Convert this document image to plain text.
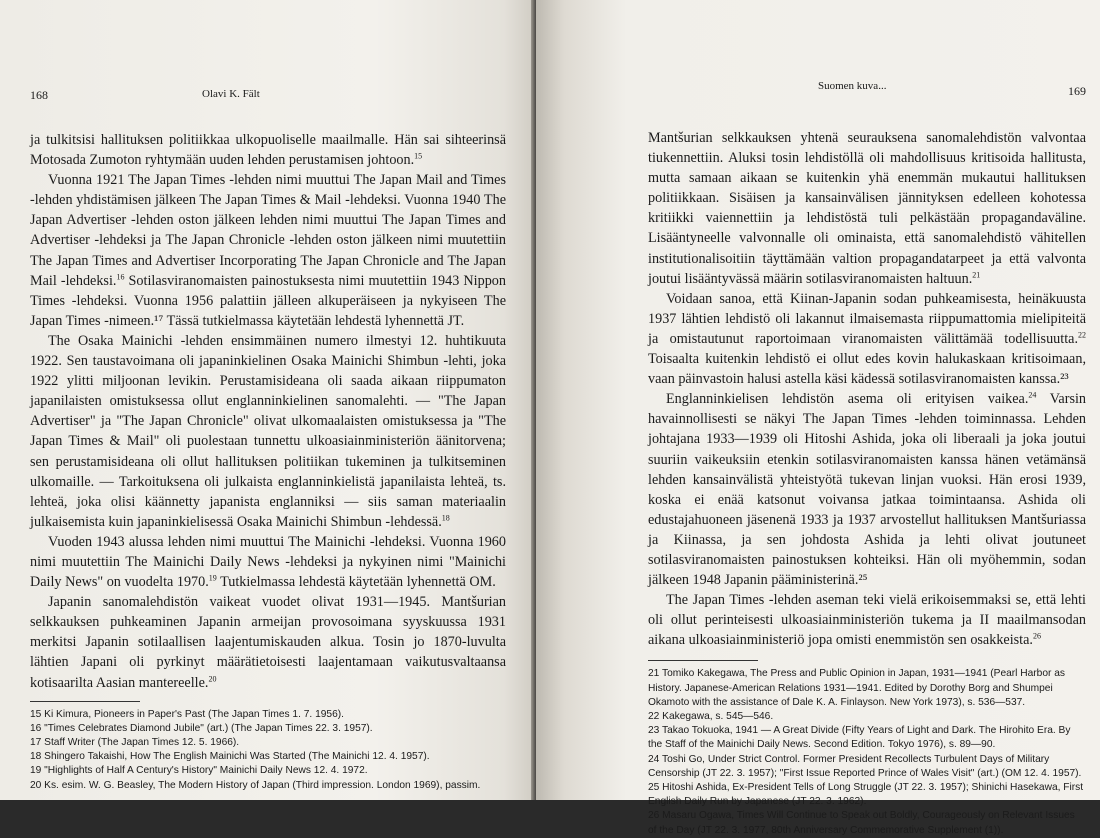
168	Olavi K. Fält

ja tulkitsisi hallituksen politiikkaa ulkopuoliselle maailmalle. Hän sai sihteerinsä Motosada Zumoton ryhtymään uuden lehden perustamisen johtoon.$^{15}$

Vuonna 1921 The Japan Times -lehden nimi muuttui The Japan Mail and Times -lehden yhdistämisen jälkeen The Japan Times & Mail -lehdeksi. Vuonna 1940 The Japan Advertiser -lehden oston jälkeen lehden nimi muuttui The Japan Times and Advertiser -lehdeksi ja The Japan Chronicle -lehden oston jälkeen nimi muutettiin The Japan Times and Advertiser Incorporating The Japan Chronicle and The Japan Mail -lehdeksi.$^{16}$ Sotilasviranomaisten painostuksesta nimi muutettiin 1943 Nippon Times -lehdeksi. Vuonna 1956 palattiin jälleen alkuperäiseen ja nykyiseen The Japan Times -nimeen.¹⁷ Tässä tutkielmassa käytetään lehdestä lyhennettä JT.

The Osaka Mainichi -lehden ensimmäinen numero ilmestyi 12. huhtikuuta 1922. Sen taustavoimana oli japaninkielinen Osaka Mainichi Shimbun -lehti, joka 1922 ylitti miljoonan levikin. Perustamisideana oli saada aikaan riippumaton japanilaisten omistuksessa ollut englanninkielinen sanomalehti. — "The Japan Advertiser" ja "The Japan Chronicle" olivat ulkomaalaisten omistuksessa ja "The Japan Times & Mail" oli puolestaan tunnettu ulkoasiainministeriön äänitorvena; sen perustamisideana oli ollut hallituksen politiikan tukeminen ja tulkitseminen ulkomaille. — Tarkoituksena oli julkaista englanninkielistä japanilaista lehteä, ts. lehteä, joka olisi käännetty japanista englanniksi — siis saman materiaalin julkaisemista kuin japaninkielisessä Osaka Mainichi Shimbun -lehdessä.$^{18}$

Vuoden 1943 alussa lehden nimi muuttui The Mainichi -lehdeksi. Vuonna 1960 nimi muutettiin The Mainichi Daily News -lehdeksi ja nykyinen nimi "Mainichi Daily News" on vuodelta 1970.19 Tutkielmassa lehdestä käytetään lyhennettä OM.

Japanin sanomalehdistön vaikeat vuodet olivat 1931—1945. Mantšurian selkkauksen puhkeaminen Japanin armeijan provosoimana syyskuussa 1931 merkitsi Japanin sotilaallisen laajentumiskauden alkua. Tosin jo 1870-luvulta lähtien Japani oli pyrkinyt määrätietoisesti laajentamaan vaikutusvaltaansa kotisaarilta Aasian mantereelle.$^{20}$

15 Ki Kimura, Pioneers in Paper's Past (The Japan Times 1. 7. 1956).
16 "Times Celebrates Diamond Jubile" (art.) (The Japan Times 22. 3. 1957).
17 Staff Writer (The Japan Times 12. 5. 1966).
18 Shingero Takaishi, How The English Mainichi Was Started (The Mainichi 12. 4. 1957).
19 "Highlights of Half A Century's History" Mainichi Daily News 12. 4. 1972.
20 Ks. esim. W. G. Beasley, The Modern History of Japan (Third impression. London 1969), passim.
Suomen kuva...	169

Mantšurian selkkauksen yhtenä seurauksena sanomalehdistön valvontaa tiukennettiin. Aluksi tosin lehdistöllä oli mahdollisuus kritisoida hallitusta, mutta samaan aikaan se kuitenkin yhä enemmän mukautui hallituksen politiikkaan. Sisäisen ja kansainvälisen jännityksen edelleen kohotessa kritiikki vaiennettiin ja lehdistöstä tuli pelkästään propagandaväline. Lisääntyneelle valvonnalle oli ominaista, että sanomalehdistö vähitellen institutionalisoitiin täyttämään valtion propagandatarpeet ja että valvonta joutui lisääntyvässä määrin sotilasviranomaisten haltuun.$^{21}$

Voidaan sanoa, että Kiinan-Japanin sodan puhkeamisesta, heinäkuusta 1937 lähtien lehdistö oli lakannut ilmaisemasta riippumattomia mielipiteitä ja omistautunut raportoimaan viranomaisten välittämää todellisuutta.$^{22}$ Toisaalta kuitenkin lehdistö ei ollut edes kovin halukaskaan kritisoimaan, vaan päinvastoin halusi astella käsi kädessä sotilasviranomaisten kanssa.²³

Englanninkielisen lehdistön asema oli erityisen vaikea.$^{24}$ Varsin havainnollisesti se näkyi The Japan Times -lehden toiminnassa. Lehden johtajana 1933—1939 oli Hitoshi Ashida, joka oli liberaali ja joka joutui suuriin vaikeuksiin etenkin sotilasviranomaisten kanssa hänen vetämänsä lehden kansainvälistä yhteistyötä tukevan linjan vuoksi. Hän erosi 1939, koska ei enää katsonut voivansa jatkaa toimintaansa. Ashida oli edustajahuoneen jäsenenä 1933 ja 1937 arvostellut hallituksen Mantšuriassa ja Kiinassa, ja sen johdosta Ashida ja lehti olivat joutuneet sotilasviranomaisten painostuksen kohteiksi. Hän oli myöhemmin, sodan jälkeen 1948 Japanin pääministerinä.²⁵

The Japan Times -lehden aseman teki vielä erikoisemmaksi se, että lehti oli ollut perinteisesti ulkoasiainministeriön tukema ja II maailmansodan aikana ulkoasiainministeriö jopa omisti enemmistön sen osakkeista.$^{26}$

21 Tomiko Kakegawa, The Press and Public Opinion in Japan, 1931—1941 (Pearl Harbor as History. Japanese-American Relations 1931—1941. Edited by Dorothy Borg and Shumpei Okamoto with the assistance of Dale K. A. Finlayson. New York 1973), s. 536—537.
22 Kakegawa, s. 545—546.
23 Takao Tokuoka, 1941 — A Great Divide (Fifty Years of Light and Dark. The Hirohito Era. By the Staff of the Mainichi Daily News. Second Edition. Tokyo 1976), s. 89—90.
24 Toshi Go, Under Strict Control. Former President Recollects Turbulent Days of Military Censorship (JT 22. 3. 1957); "First Issue Reported Prince of Wales Visit" (art.) (OM 12. 4. 1957).
25 Hitoshi Ashida, Ex-President Tells of Long Struggle (JT 22. 3. 1957); Shinichi Hasekawa, First English Daily Run by Japanese (JT 22. 3. 1962).
26 Masaru Ogawa, Times Will Continue to Speak out Boldly, Courageously on Relevant Issues of the Day (JT 22. 3. 1977, 80th Anniversary Commemorative Supplement (1)).
